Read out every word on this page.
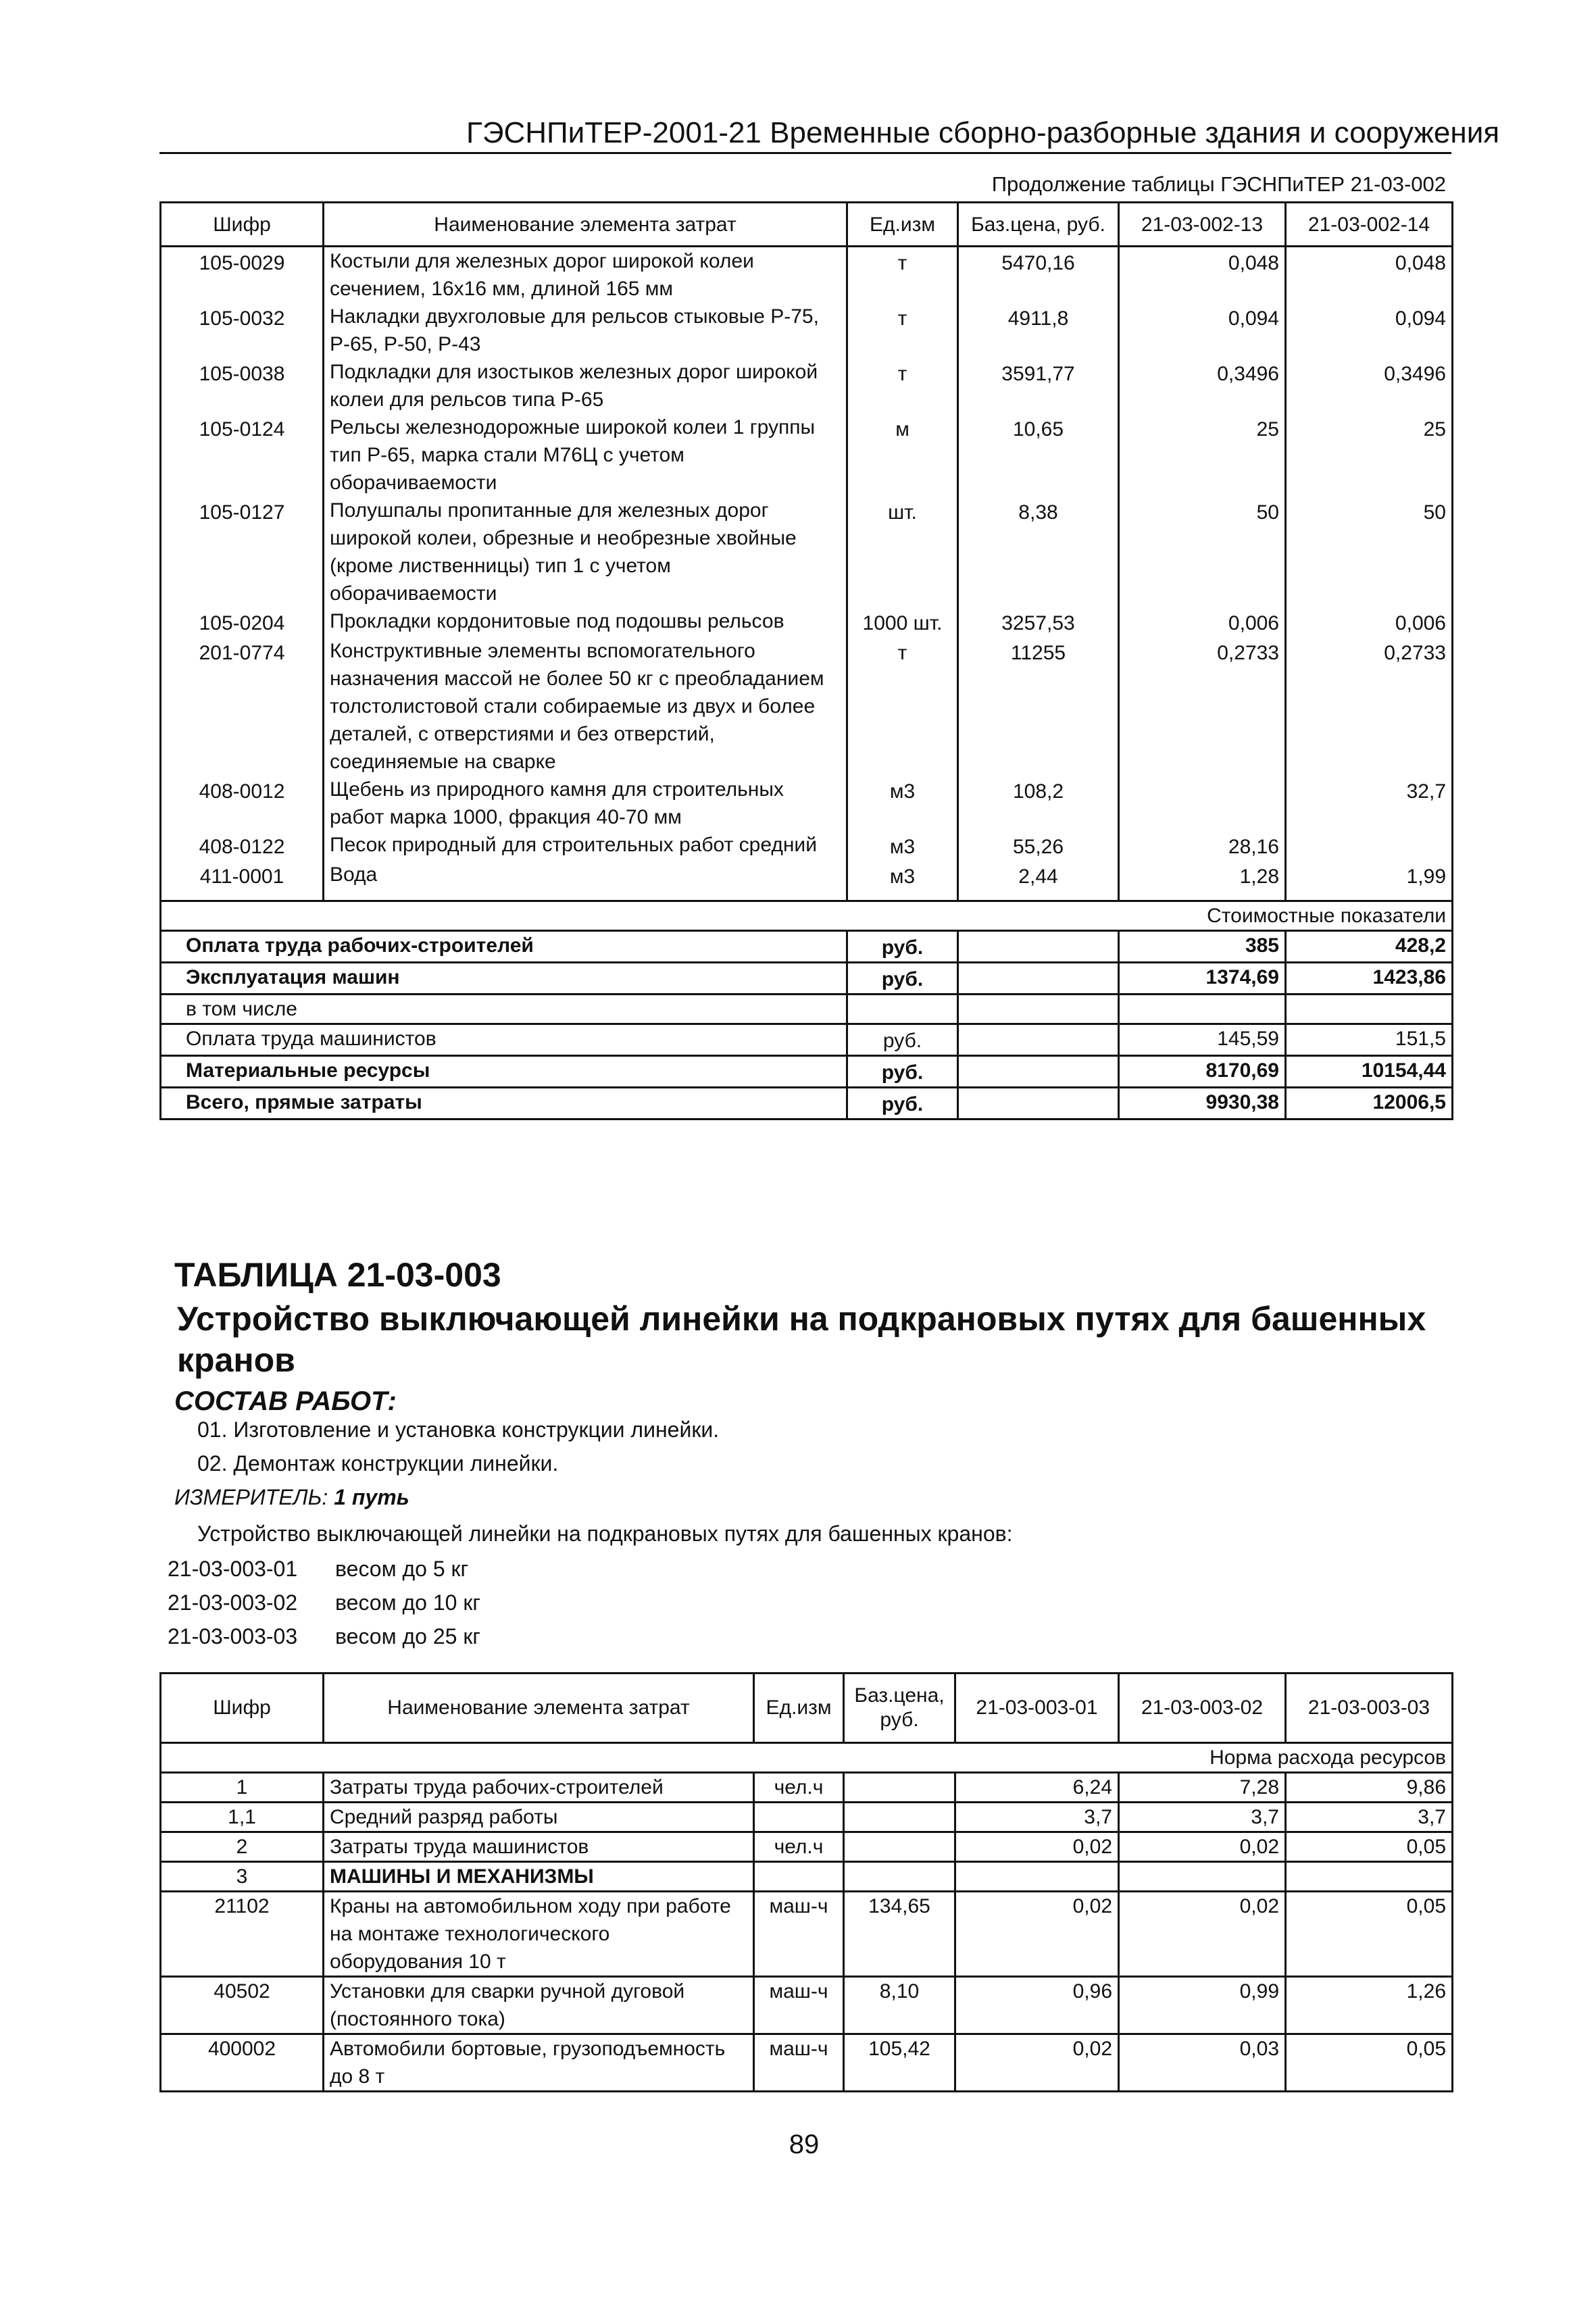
ГЭСНПиТЕР-2001-21 Временные сборно-разборные здания и сооружения
Продолжение таблицы ГЭСНПиТЕР 21-03-002
Шифр	Наименование элемента затрат	Ед.изм	Баз.цена, руб.	21-03-002-13	21-03-002-14
105-0029	Костыли для железных дорог широкой колеи сечением, 16х16 мм, длиной 165 мм	т	5470,16	0,048	0,048
105-0032	Накладки двухголовые для рельсов стыковые Р-75, Р-65, Р-50, Р-43	т	4911,8	0,094	0,094
105-0038	Подкладки для изостыков железных дорог широкой колеи для рельсов типа Р-65	т	3591,77	0,3496	0,3496
105-0124	Рельсы железнодорожные широкой колеи 1 группы тип Р-65, марка стали М76Ц с учетом оборачиваемости	м	10,65	25	25
105-0127	Полушпалы пропитанные для железных дорог широкой колеи, обрезные и необрезные хвойные (кроме лиственницы) тип 1 с учетом оборачиваемости	шт.	8,38	50	50
105-0204	Прокладки кордонитовые под подошвы рельсов	1000 шт.	3257,53	0,006	0,006
201-0774	Конструктивные элементы вспомогательного назначения массой не более 50 кг с преобладанием толстолистовой стали собираемые из двух и более деталей, с отверстиями и без отверстий, соединяемые на сварке	т	11255	0,2733	0,2733
408-0012	Щебень из природного камня для строительных работ марка 1000, фракция 40-70 мм	м3	108,2		32,7
408-0122	Песок природный для строительных работ средний	м3	55,26	28,16	
411-0001	Вода	м3	2,44	1,28	1,99

Стоимостные показатели					
Оплата труда рабочих-строителей		руб.		385	428,2
Эксплуатация машин		руб.		1374,69	1423,86
в том числе					
Оплата труда машинистов		руб.		145,59	151,5
Материальные ресурсы		руб.		8170,69	10154,44
Всего, прямые затраты		руб.		9930,38	12006,5
ТАБЛИЦА 21-03-003
Устройство выключающей линейки на подкрановых путях для башенных кранов
СОСТАВ РАБОТ:
01. Изготовление и установка конструкции линейки.
02. Демонтаж конструкции линейки.
ИЗМЕРИТЕЛЬ: 1 путь
Устройство выключающей линейки на подкрановых путях для башенных кранов:
21-03-003-01 весом до 5 кг
21-03-003-02 весом до 10 кг
21-03-003-03 весом до 25 кг
Шифр	Наименование элемента затрат	Ед.изм	Баз.цена, руб.	21-03-003-01	21-03-003-02	21-03-003-03
Норма расхода ресурсов						
1	Затраты труда рабочих-строителей	чел.ч		6,24	7,28	9,86
1,1	Средний разряд работы			3,7	3,7	3,7
2	Затраты труда машинистов	чел.ч		0,02	0,02	0,05
3	МАШИНЫ И МЕХАНИЗМЫ					
21102	Краны на автомобильном ходу при работе на монтаже технологического оборудования 10 т	маш-ч	134,65	0,02	0,02	0,05
40502	Установки для сварки ручной дуговой (постоянного тока)	маш-ч	8,10	0,96	0,99	1,26
400002	Автомобили бортовые, грузоподъемность до 8 т	маш-ч	105,42	0,02	0,03	0,05
89
